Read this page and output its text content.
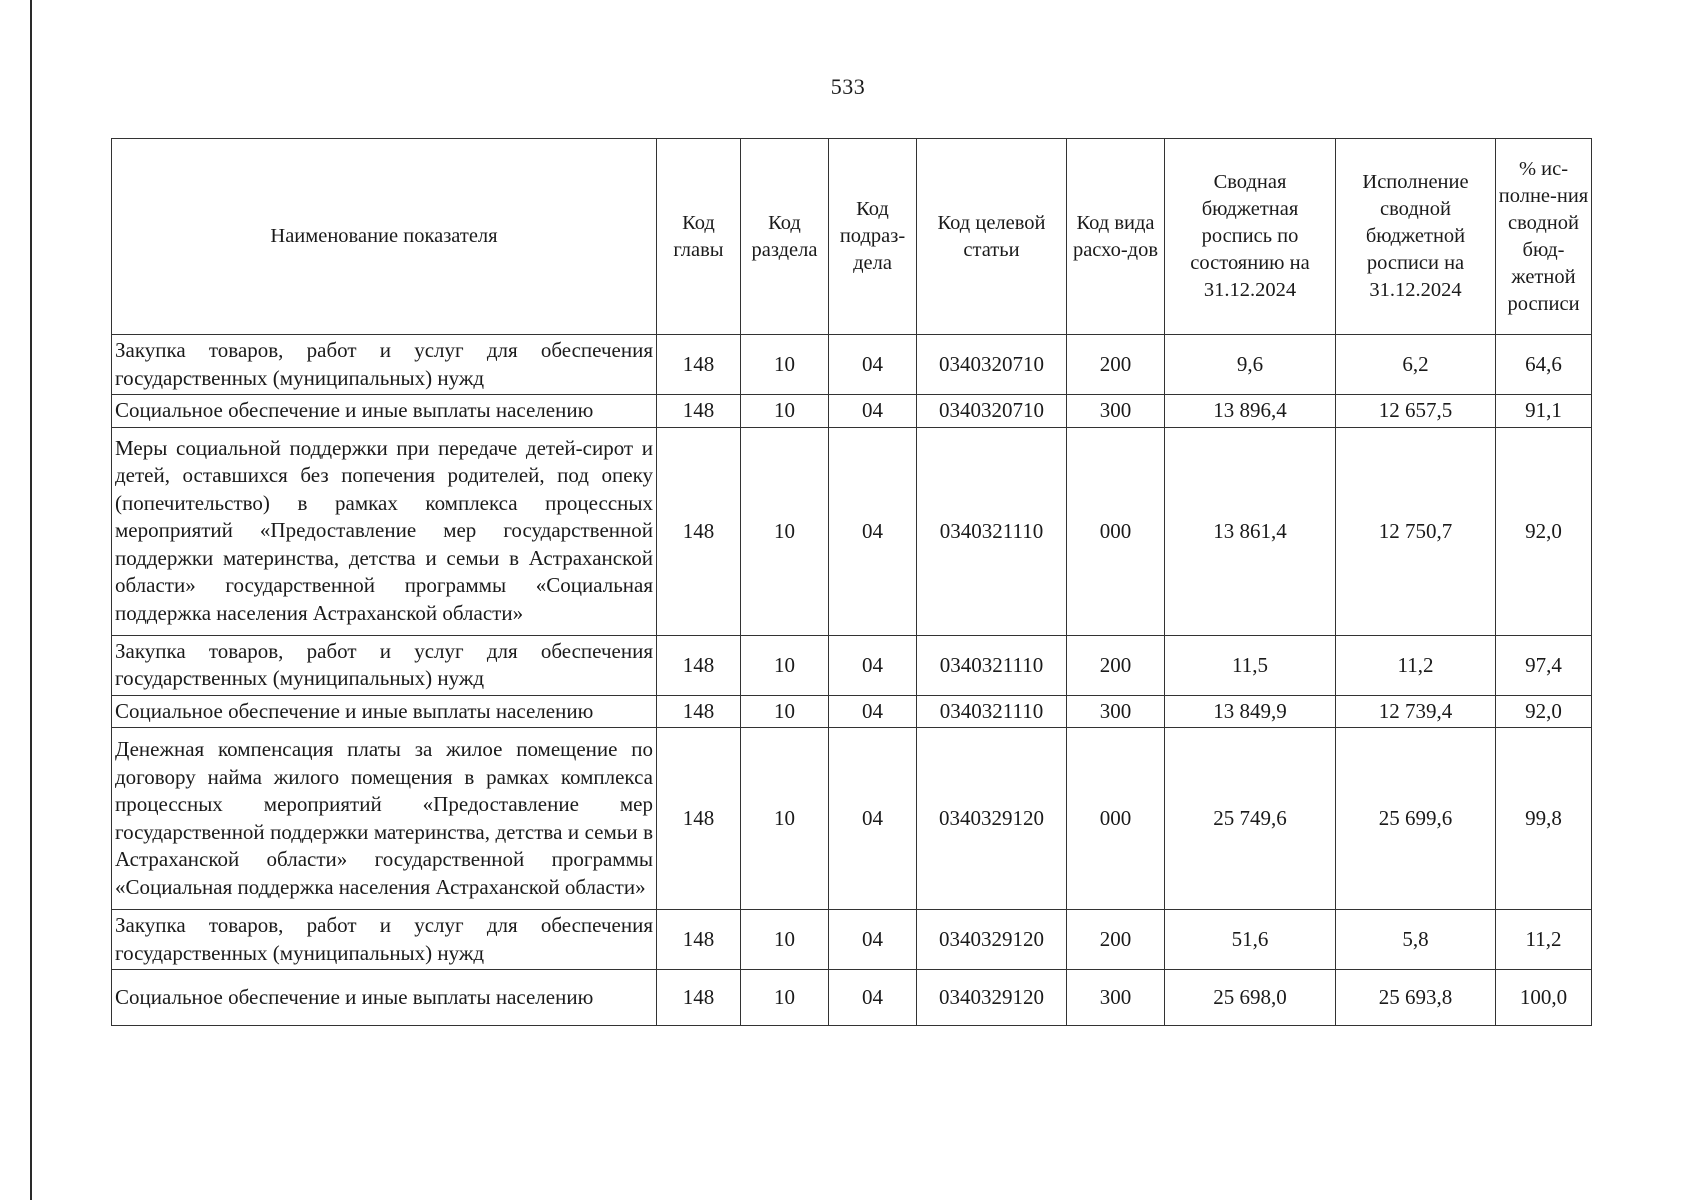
533
Наименование показателя	Код главы	Код раздела	Код подраз-дела	Код целевой статьи	Код вида расхо-дов	Сводная бюджетная роспись по состоянию на 31.12.2024	Исполнение сводной бюджетной росписи на 31.12.2024	% ис-полне-ния сводной бюд-жетной росписи
Закупка товаров, работ и услуг для обеспечения государственных (муниципальных) нужд	148	10	04	0340320710	200	9,6	6,2	64,6
Социальное обеспечение и иные выплаты населению	148	10	04	0340320710	300	13 896,4	12 657,5	91,1
Меры социальной поддержки при передаче детей-сирот и детей, оставшихся без попечения родителей, под опеку (попечительство) в рамках комплекса процессных мероприятий «Предоставление мер государственной поддержки материнства, детства и семьи в Астраханской области» государственной программы «Социальная поддержка населения Астраханской области»	148	10	04	0340321110	000	13 861,4	12 750,7	92,0
Закупка товаров, работ и услуг для обеспечения государственных (муниципальных) нужд	148	10	04	0340321110	200	11,5	11,2	97,4
Социальное обеспечение и иные выплаты населению	148	10	04	0340321110	300	13 849,9	12 739,4	92,0
Денежная компенсация платы за жилое помещение по договору найма жилого помещения в рамках комплекса процессных мероприятий «Предоставление мер государственной поддержки материнства, детства и семьи в Астраханской области» государственной программы «Социальная поддержка населения Астраханской области»	148	10	04	0340329120	000	25 749,6	25 699,6	99,8
Закупка товаров, работ и услуг для обеспечения государственных (муниципальных) нужд	148	10	04	0340329120	200	51,6	5,8	11,2
Социальное обеспечение и иные выплаты населению	148	10	04	0340329120	300	25 698,0	25 693,8	100,0
